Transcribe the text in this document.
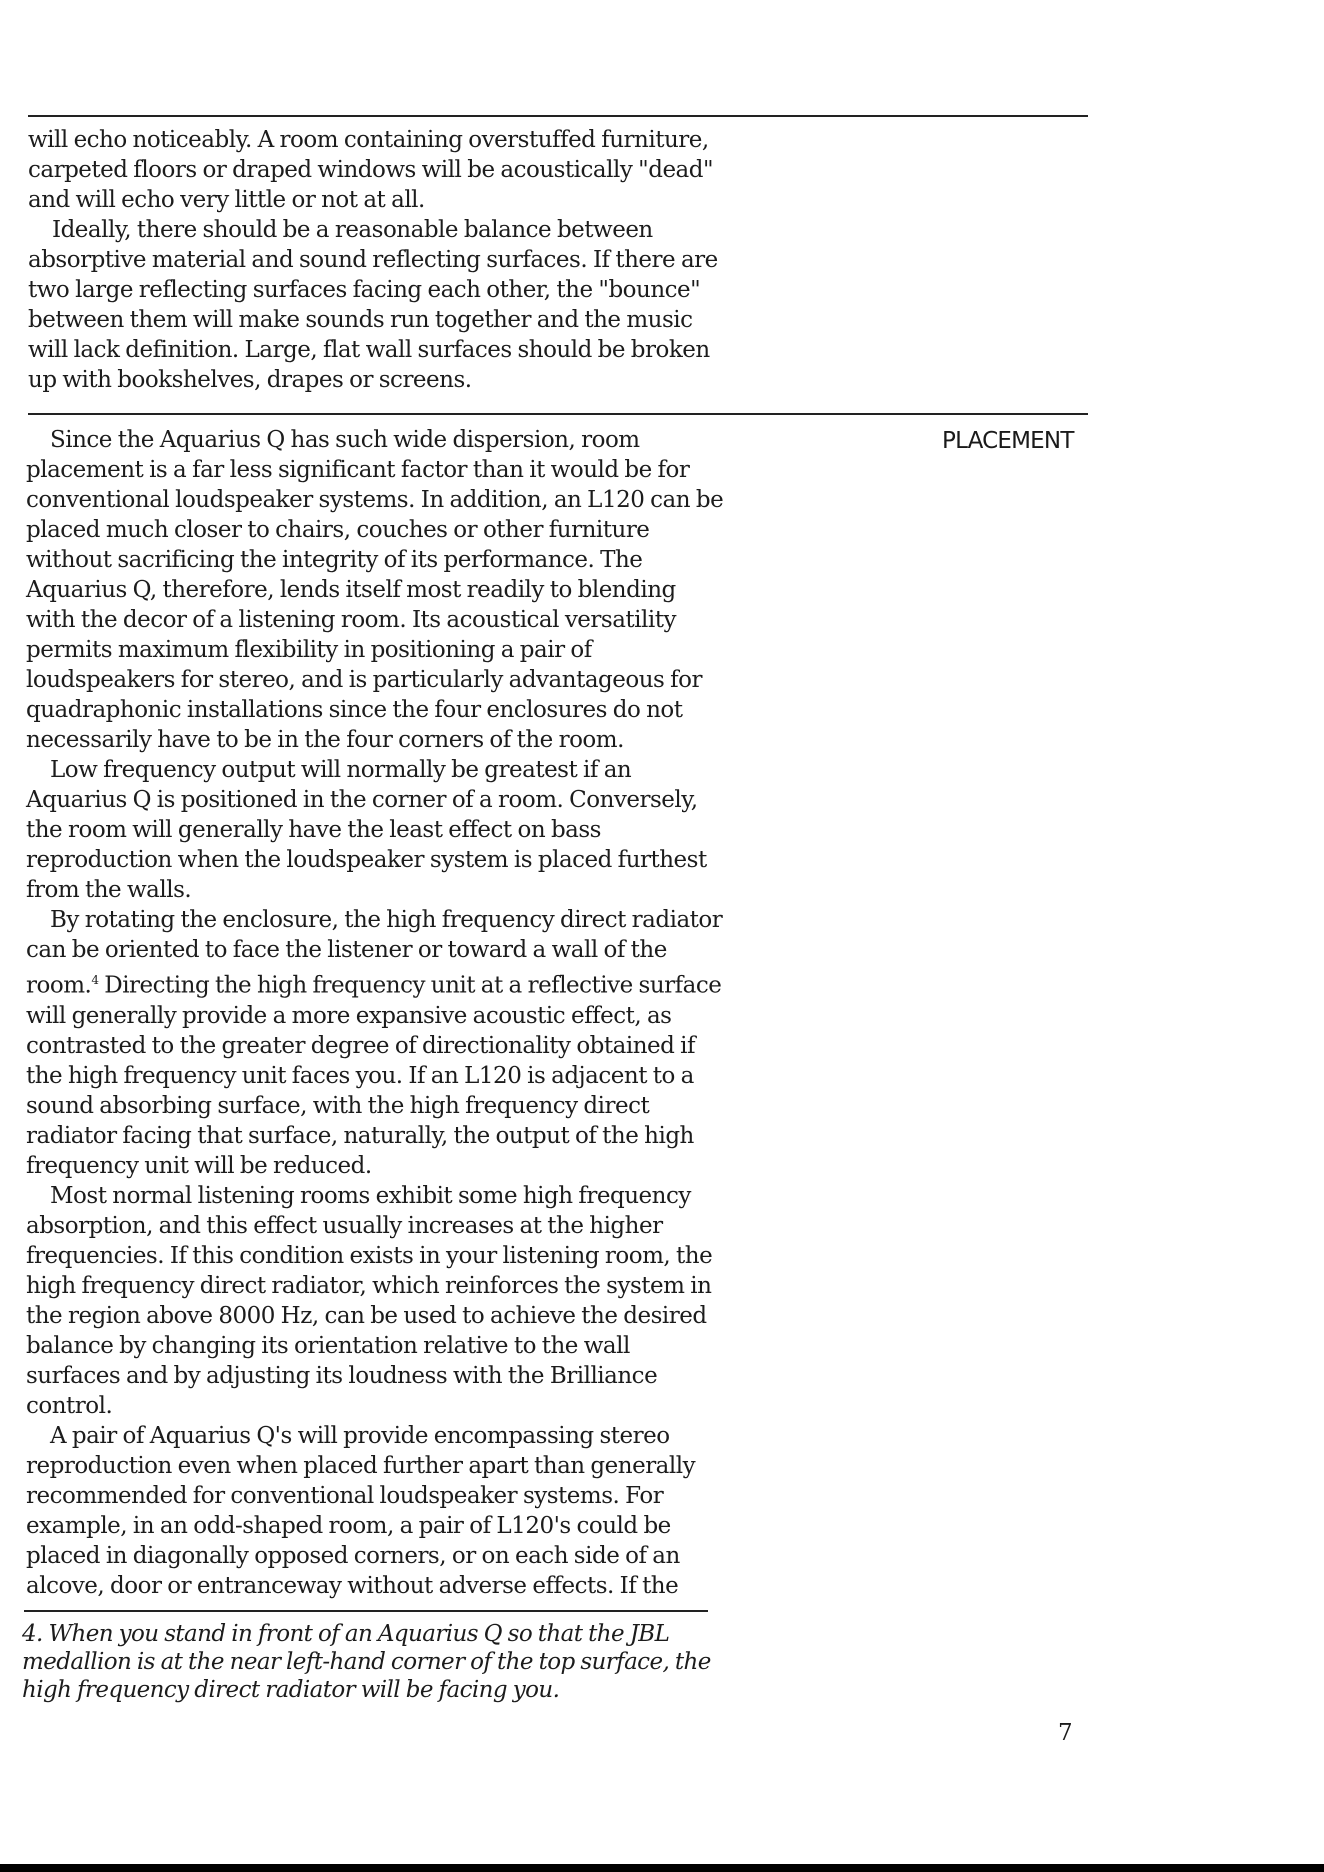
will echo noticeably. A room containing overstuffed furniture, carpeted floors or draped windows will be acoustically "dead" and will echo very little or not at all.

Ideally, there should be a reasonable balance between absorptive material and sound reflecting surfaces. If there are two large reflecting surfaces facing each other, the "bounce" between them will make sounds run together and the music will lack definition. Large, flat wall surfaces should be broken up with bookshelves, drapes or screens.

PLACEMENT

Since the Aquarius Q has such wide dispersion, room placement is a far less significant factor than it would be for conventional loudspeaker systems. In addition, an L120 can be placed much closer to chairs, couches or other furniture without sacrificing the integrity of its performance. The Aquarius Q, therefore, lends itself most readily to blending with the decor of a listening room. Its acoustical versatility permits maximum flexibility in positioning a pair of loudspeakers for stereo, and is particularly advantageous for quadraphonic installations since the four enclosures do not necessarily have to be in the four corners of the room.

Low frequency output will normally be greatest if an Aquarius Q is positioned in the corner of a room. Conversely, the room will generally have the least effect on bass reproduction when the loudspeaker system is placed furthest from the walls.

By rotating the enclosure, the high frequency direct radiator can be oriented to face the listener or toward a wall of the room.$^4$ Directing the high frequency unit at a reflective surface will generally provide a more expansive acoustic effect, as contrasted to the greater degree of directionality obtained if the high frequency unit faces you. If an L120 is adjacent to a sound absorbing surface, with the high frequency direct radiator facing that surface, naturally, the output of the high frequency unit will be reduced.

Most normal listening rooms exhibit some high frequency absorption, and this effect usually increases at the higher frequencies. If this condition exists in your listening room, the high frequency direct radiator, which reinforces the system in the region above 8000 Hz, can be used to achieve the desired balance by changing its orientation relative to the wall surfaces and by adjusting its loudness with the Brilliance control.

A pair of Aquarius Q's will provide encompassing stereo reproduction even when placed further apart than generally recommended for conventional loudspeaker systems. For example, in an odd-shaped room, a pair of L120's could be placed in diagonally opposed corners, or on each side of an alcove, door or entranceway without adverse effects. If the

4. When you stand in front of an Aquarius Q so that the JBL medallion is at the near left-hand corner of the top surface, the high frequency direct radiator will be facing you.

7
